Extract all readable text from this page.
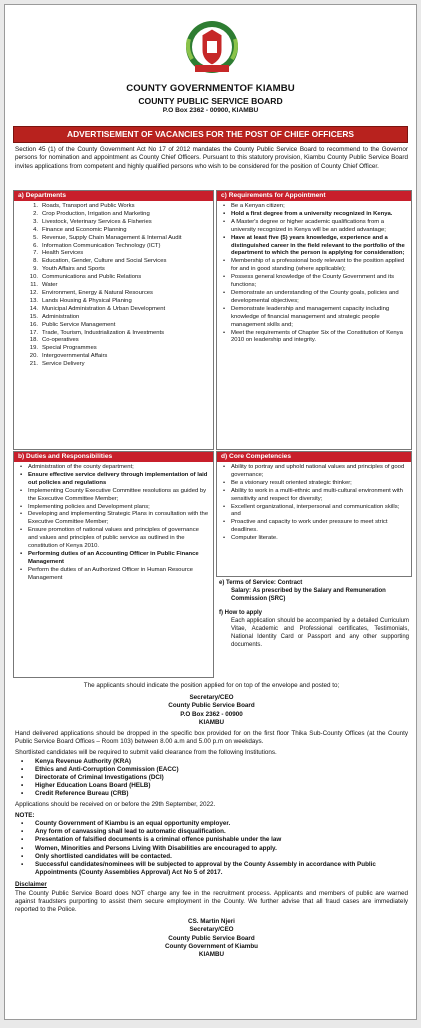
COUNTY GOVERNMENTOF KIAMBU
COUNTY PUBLIC SERVICE BOARD
P.O Box 2362 - 00900, KIAMBU
ADVERTISEMENT OF VACANCIES FOR THE POST OF CHIEF OFFICERS
Section 45 (1) of the County Government Act No 17 of 2012 mandates the County Public Service Board to recommend to the Governor persons for nomination and appointment as County Chief Officers. Pursuant to this statutory provision, Kiambu County Public Service Board invites applications from competent and highly qualified persons who wish to be considered for the position of County Chief Officer.
a) Departments
1. Roads, Transport and Public Works
2. Crop Production, Irrigation and Marketing
3. Livestock, Veterinary Services & Fisheries
4. Finance and Economic Planning
5. Revenue, Supply Chain Management & Internal Audit
6. Information Communication Technology (ICT)
7. Health Services
8. Education, Gender, Culture and Social Services
9. Youth Affairs and Sports
10. Communications and Public Relations
11. Water
12. Environment, Energy & Natural Resources
13. Lands Housing & Physical Planing
14. Municipal Administration & Urban Development
15. Administration
16. Public Service Management
17. Trade, Tourism, Industrialization & Investments
18. Co-operatives
19. Special Programmes
20. Intergovernmental Affairs
21. Service Delivery
c) Requirements for Appointment
•	Be a Kenyan citizen;
▪	Hold a first degree from a university recognized in Kenya.
•	A Master's degree or higher academic qualifications from a university recognized in Kenya will be an added advantage;
▪	Have at least five (5) years knowledge, experience and a distinguished career in the field relevant to the portfolio of the department to which the person is applying for consideration;
•	Membership of a professional body relevant to the position applied for and in good standing (where applicable);
•	Possess general knowledge of the County Government and its functions;
•	Demonstrate an understanding of the County goals, policies and developmental objectives;
•	Demonstrate leadership and management capacity including knowledge of financial management and strategic people management skills and;
•	Meet the requirements of Chapter Six of the Constitution of Kenya 2010 on leadership and integrity.
b) Duties and Responsibilities
•	Administration of the county department;
▪	Ensure effective service delivery through implementation of laid out policies and regulations
•	Implementing County Executive Committee resolutions as guided by the Executive Committee Member;
•	Implementing policies and Development plans;
•	Developing and implementing Strategic Plans in consultation with the Executive Committee Member;
•	Ensure promotion of national values and principles of governance and values and principles of public service as outlined in the constitution of Kenya 2010.
▪	Performing duties of an Accounting Officer in Public Finance Management
•	Perform the duties of an Authorized Officer in Human Resource Management
d) Core Competencies
•	Ability to portray and uphold national values and principles of good governance;
•	Be a visionary result oriented strategic thinker;
•	Ability to work in a multi-ethnic and multi-cultural environment with sensitivity and respect for diversity;
•	Excellent organizational, interpersonal and communication skills; and
•	Proactive and capacity to work under pressure to meet strict deadlines.
•	Computer literate.
e) Terms of Service: Contract
Salary: As prescribed by the Salary and Remuneration Commission (SRC)
f) How to apply
Each application should be accompanied by a detailed Curriculum Vitae, Academic and Professional certificates, Testimonials, National Identity Card or Passport and any other supporting documents.
The applicants should indicate the position applied for on top of the envelope and posted to;
Secretary/CEO
County Public Service Board
P.O Box 2362 - 00900
KIAMBU
Hand delivered applications should be dropped in the specific box provided for on the first floor Thika Sub-County Offices (at the County Public Service Board Offices – Room 103) between 8.00 a.m and 5.00 p.m on weekdays.
Shortlisted candidates will be required to submit valid clearance from the following Institutions.
•	Kenya Revenue Authority (KRA)
•	Ethics and Anti-Corruption Commission (EACC)
•	Directorate of Criminal Investigations (DCI)
•	Higher Education Loans Board (HELB)
•	Credit Reference Bureau (CRB)
Applications should be received on or before the 29th September, 2022.
NOTE:
▪	County Government of Kiambu is an equal opportunity employer.
▪	Any form of canvassing shall lead to automatic disqualification.
▪	Presentation of falsified documents is a criminal offence punishable under the law
▪	Women, Minorities and Persons Living With Disabilities are encouraged to apply.
▪	Only shortlisted candidates will be contacted.
▪	Successful candidates/nominees will be subjected to approval by the County Assembly in accordance with Public Appointments (County Assemblies Approval) Act No 5 of 2017.
Disclaimer
The County Public Service Board does NOT charge any fee in the recruitment process. Applicants and members of public are warned against fraudsters purporting to assist them secure employment in the County. We further advise that all fraud cases are immediately reported to the Police.
CS. Martin Njeri
Secretary/CEO
County Public Service Board
County Government of Kiambu
KIAMBU
